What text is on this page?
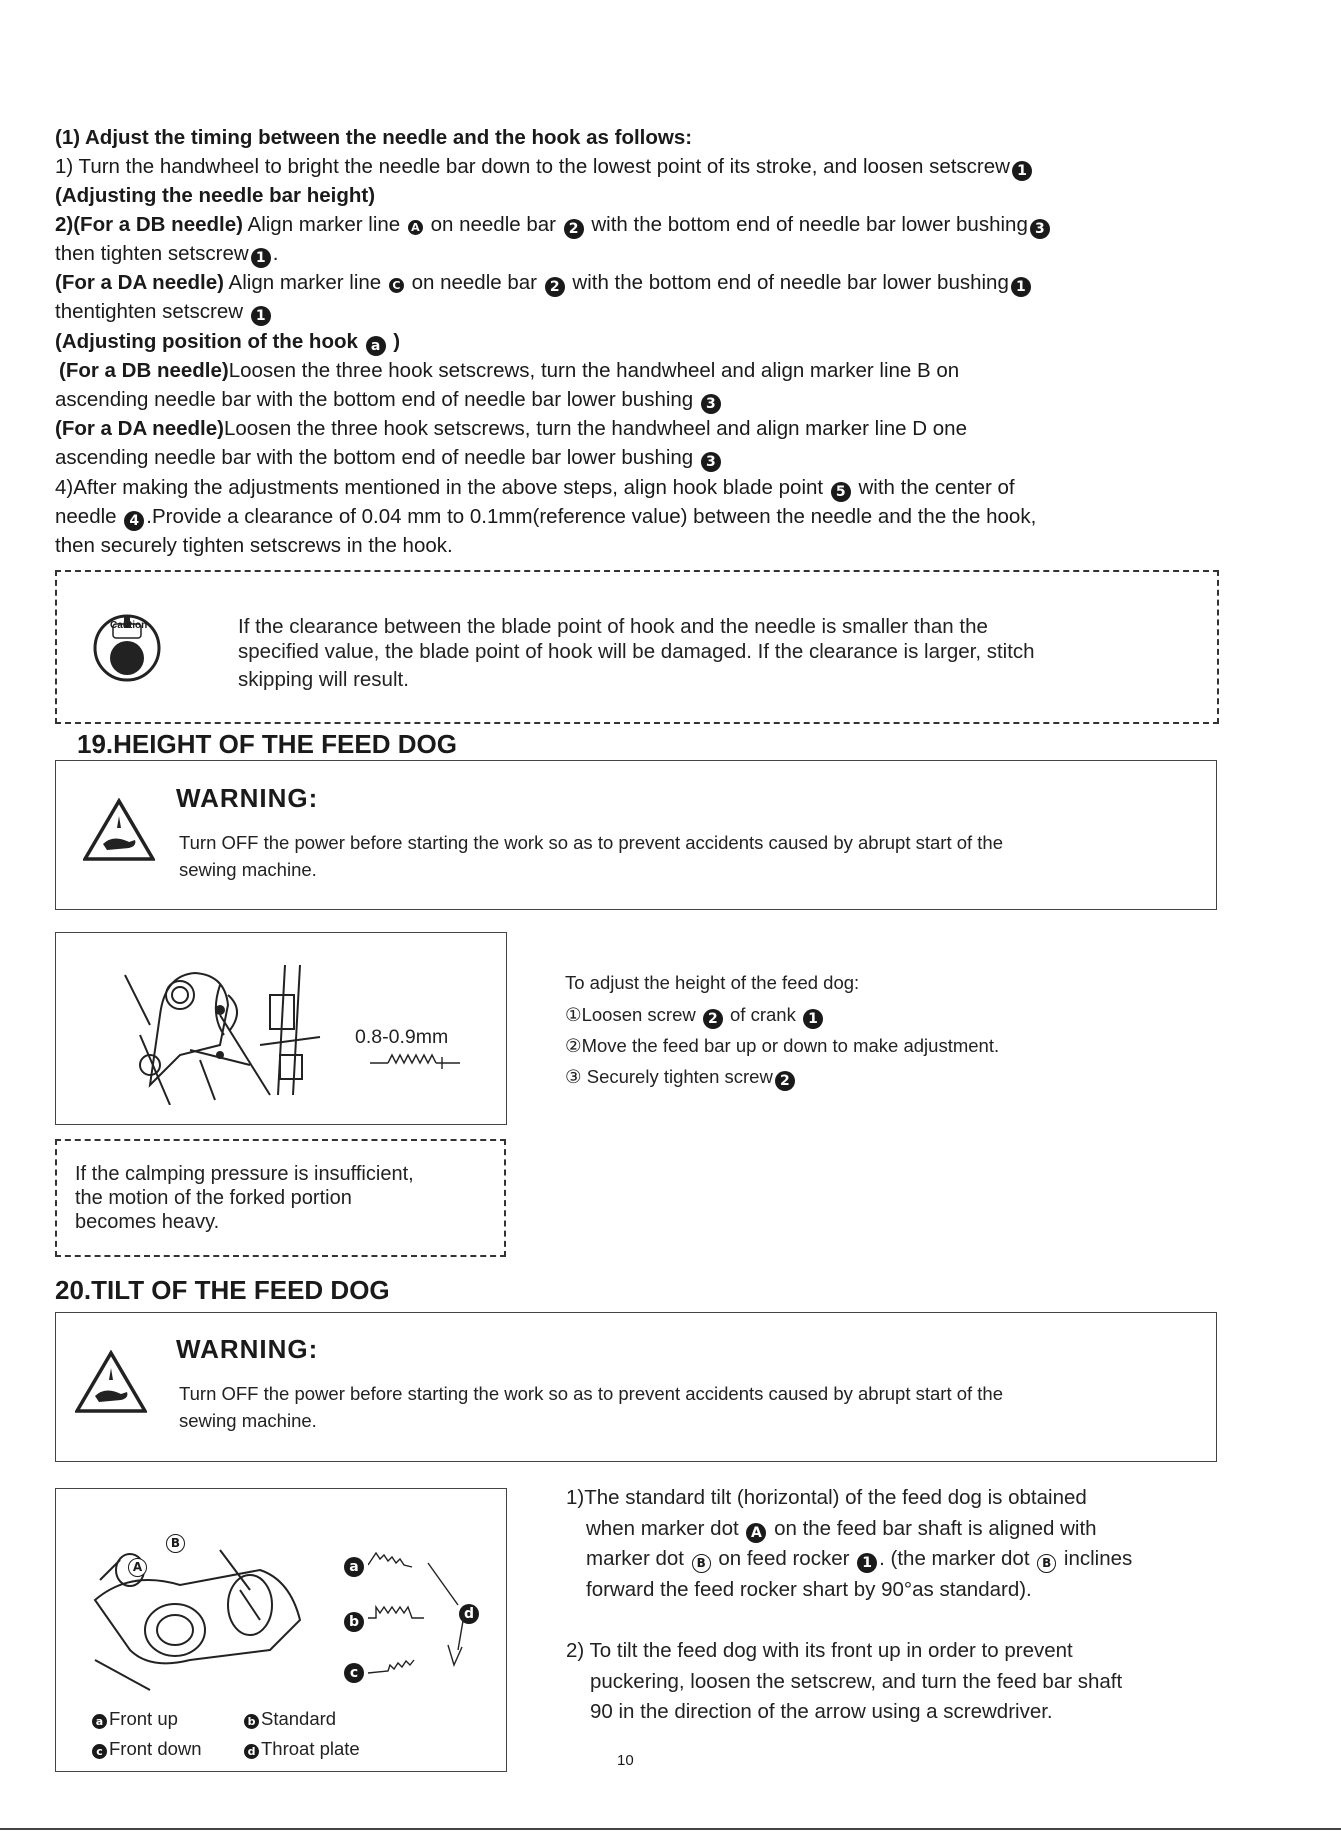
(1) Adjust the timing between the needle and the hook as follows:
1) Turn the handwheel to bright the needle bar down to the lowest point of its stroke, and loosen setscrew 1
(Adjusting the needle bar height)
2)(For a DB needle) Align marker line A on needle bar 2 with the bottom end of needle bar lower bushing 3
then tighten setscrew 1 .
(For a DA needle) Align marker line C on needle bar 2 with the bottom end of needle bar lower bushing 1
thentighten setscrew 1
(Adjusting position of the hook a )
(For a DB needle)Loosen the three hook setscrews, turn the handwheel and align marker line B on
ascending needle bar with the bottom end of needle bar lower bushing 3
(For a DA needle)Loosen the three hook setscrews, turn the handwheel and align marker line D one
ascending needle bar with the bottom end of needle bar lower bushing 3
4)After making the adjustments mentioned in the above steps, align hook blade point 5 with the center of
needle 4 .Provide a clearance of 0.04 mm to 0.1mm(reference value) between the needle and the the hook,
then securely tighten setscrews in the hook.
Caution	If the clearance between the blade point of hook and the needle is smaller than the
specified value, the blade point of hook will be damaged. If the clearance is larger, stitch
skipping will result.
19.HEIGHT OF THE FEED DOG
WARNING:
Turn OFF the power before starting the work so as to prevent accidents caused by abrupt start of the
sewing machine.
0.8-0.9mm
To adjust the height of the feed dog:
①Loosen screw 2 of crank 1
②Move the feed bar up or down to make adjustment.
③ Securely tighten screw 2
If the calmping pressure is insufficient,
the motion of the forked portion
becomes heavy.
20.TILT OF THE FEED DOG
WARNING:
Turn OFF the power before starting the work so as to prevent accidents caused by abrupt start of the
sewing machine.
B
A	a
b
c
d
a Front up	b Standard
c Front down	d Throat plate
1)The standard tilt (horizontal) of the feed dog is obtained
when marker dot A on the feed bar shaft is aligned with
marker dot B on feed rocker 1 . (the marker dot B inclines
forward the feed rocker shart by 90°as standard).
2) To tilt the feed dog with its front up in order to prevent
puckering, loosen the setscrew, and turn the feed bar shaft
90 in the direction of the arrow using a screwdriver.
10
